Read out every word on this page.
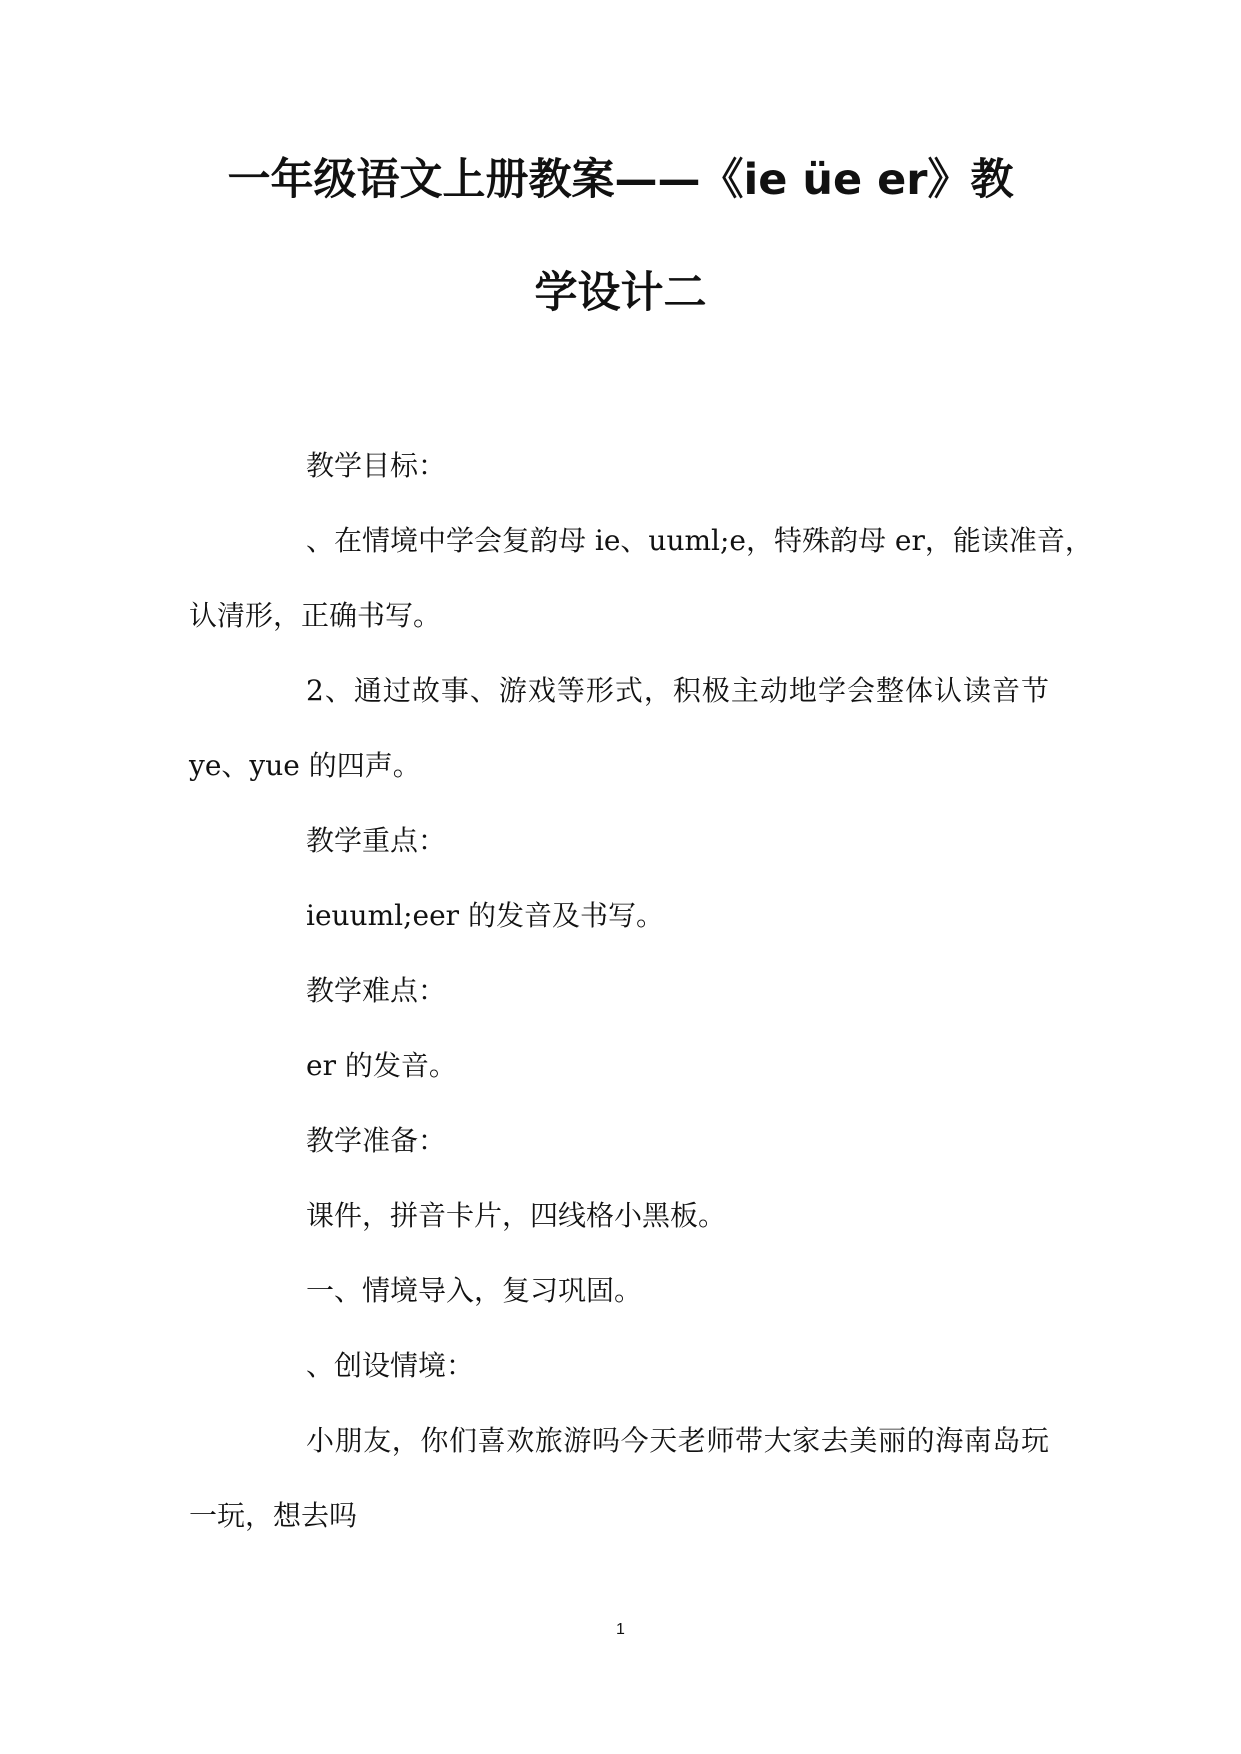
一年级语文上册教案——《ie üe er》教
学设计二
教学目标：
、在情境中学会复韵母 ie、uuml;e，特殊韵母 er，能读准音，
认清形，正确书写。
2、通过故事、游戏等形式，积极主动地学会整体认读音节
ye、yue 的四声。
教学重点：
ieuuml;eer 的发音及书写。
教学难点：
er 的发音。
教学准备：
课件，拼音卡片，四线格小黑板。
一、情境导入，复习巩固。
、创设情境：
小朋友，你们喜欢旅游吗今天老师带大家去美丽的海南岛玩
一玩，想去吗
1
